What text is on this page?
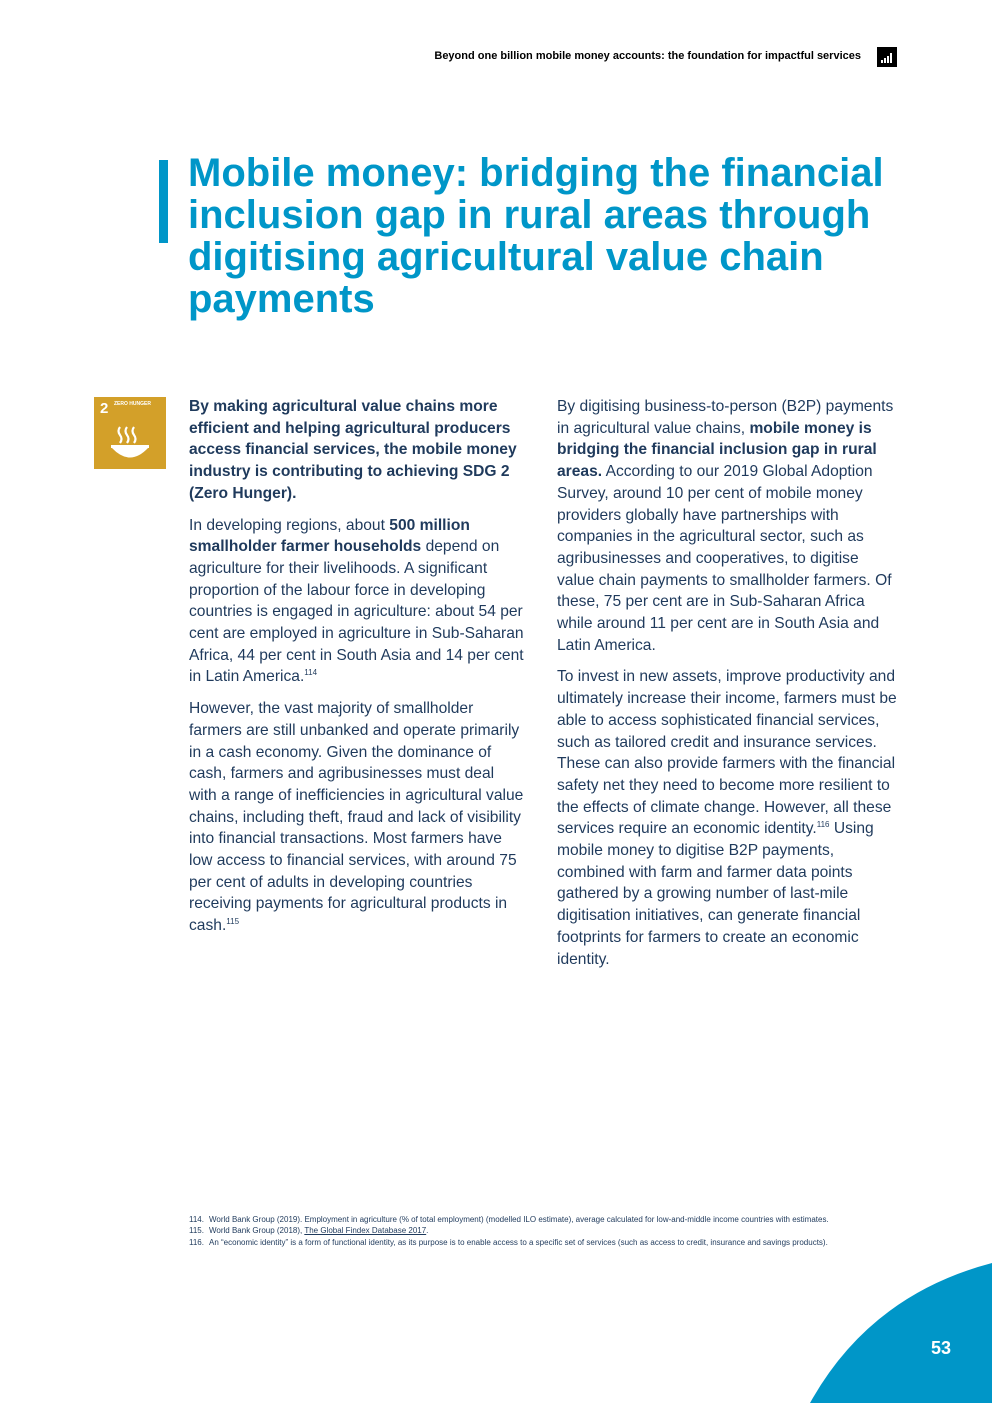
Beyond one billion mobile money accounts: the foundation for impactful services
Mobile money: bridging the financial inclusion gap in rural areas through digitising agricultural value chain payments
2 ZERO HUNGER By making agricultural value chains more efficient and helping agricultural producers access financial services, the mobile money industry is contributing to achieving SDG 2 (Zero Hunger).

In developing regions, about 500 million smallholder farmer households depend on agriculture for their livelihoods. A significant proportion of the labour force in developing countries is engaged in agriculture: about 54 per cent are employed in agriculture in Sub-Saharan Africa, 44 per cent in South Asia and 14 per cent in Latin America.$^{114}$

However, the vast majority of smallholder farmers are still unbanked and operate primarily in a cash economy. Given the dominance of cash, farmers and agribusinesses must deal with a range of inefficiencies in agricultural value chains, including theft, fraud and lack of visibility into financial transactions. Most farmers have low access to financial services, with around 75 per cent of adults in developing countries receiving payments for agricultural products in cash.$^{115}$

By digitising business-to-person (B2P) payments in agricultural value chains, mobile money is bridging the financial inclusion gap in rural areas. According to our 2019 Global Adoption Survey, around 10 per cent of mobile money providers globally have partnerships with companies in the agricultural sector, such as agribusinesses and cooperatives, to digitise value chain payments to smallholder farmers. Of these, 75 per cent are in Sub-Saharan Africa while around 11 per cent are in South Asia and Latin America.

To invest in new assets, improve productivity and ultimately increase their income, farmers must be able to access sophisticated financial services, such as tailored credit and insurance services. These can also provide farmers with the financial safety net they need to become more resilient to the effects of climate change. However, all these services require an economic identity.$^{116}$ Using mobile money to digitise B2P payments, combined with farm and farmer data points gathered by a growing number of last-mile digitisation initiatives, can generate financial footprints for farmers to create an economic identity.

114. World Bank Group (2019). Employment in agriculture (% of total employment) (modelled ILO estimate), average calculated for low-and-middle income countries with estimates.
115. World Bank Group (2018), The Global Findex Database 2017.
116. An “economic identity” is a form of functional identity, as its purpose is to enable access to a specific set of services (such as access to credit, insurance and savings products).
53
